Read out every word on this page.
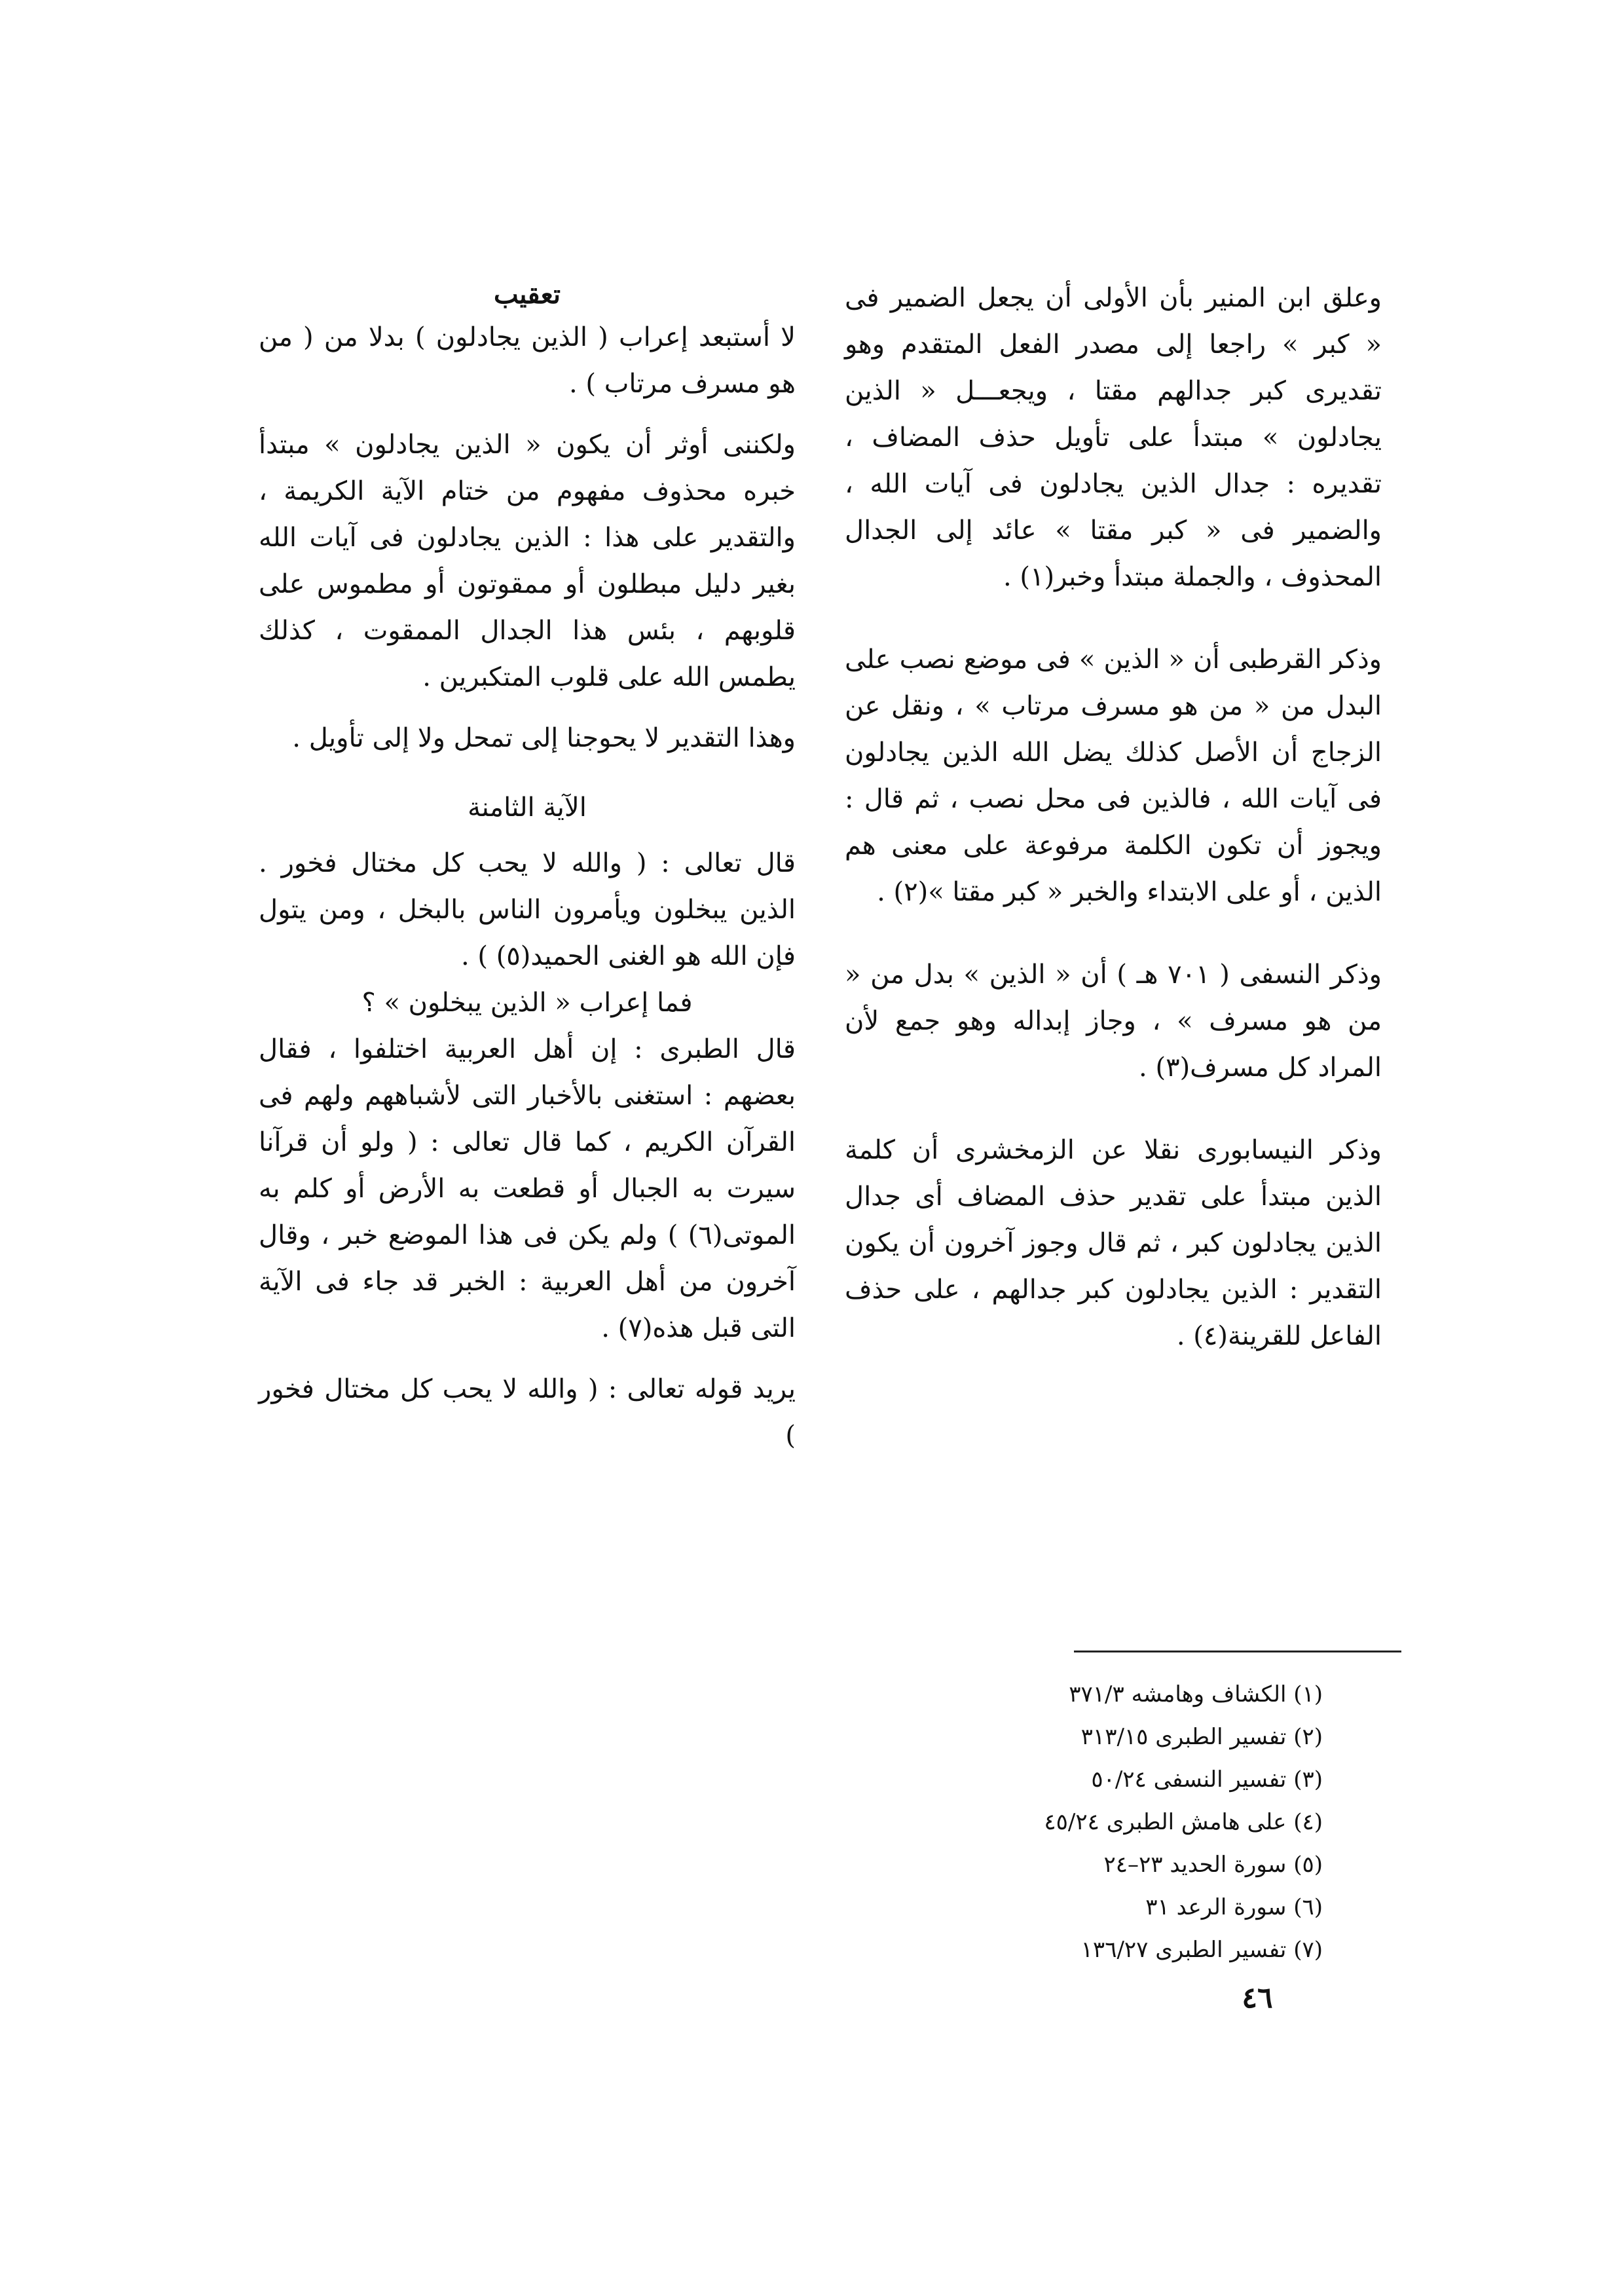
وعلق ابن المنير بأن الأولى أن يجعل الضمير فى « كبر » راجعا إلى مصدر الفعل المتقدم وهو تقديرى كبر جدالهم مقتا ، ويجعـــل « الذين يجادلون » مبتدأ على تأويل حذف المضاف ، تقديره : جدال الذين يجادلون فى آيات الله ، والضمير فى « كبر مقتا » عائد إلى الجدال المحذوف ، والجملة مبتدأ وخبر(١) .

وذكر القرطبى أن « الذين » فى موضع نصب على البدل من « من هو مسرف مرتاب » ، ونقل عن الزجاج أن الأصل كذلك يضل الله الذين يجادلون فى آيات الله ، فالذين فى محل نصب ، ثم قال : ويجوز أن تكون الكلمة مرفوعة على معنى هم الذين ، أو على الابتداء والخبر « كبر مقتا »(٢) .

وذكر النسفى ( ٧٠١ هـ ) أن « الذين » بدل من « من هو مسرف » ، وجاز إبداله وهو جمع لأن المراد كل مسرف(٣) .

وذكر النيسابورى نقلا عن الزمخشرى أن كلمة الذين مبتدأ على تقدير حذف المضاف أى جدال الذين يجادلون كبر ، ثم قال وجوز آخرون أن يكون التقدير : الذين يجادلون كبر جدالهم ، على حذف الفاعل للقرينة(٤) .

تعقيب

لا أستبعد إعراب ( الذين يجادلون ) بدلا من ( من هو مسرف مرتاب ) .

ولكننى أوثر أن يكون « الذين يجادلون » مبتدأ خبره محذوف مفهوم من ختام الآية الكريمة ، والتقدير على هذا : الذين يجادلون فى آيات الله بغير دليل مبطلون أو ممقوتون أو مطموس على قلوبهم ، بئس هذا الجدال الممقوت ، كذلك يطمس الله على قلوب المتكبرين .

وهذا التقدير لا يحوجنا إلى تمحل ولا إلى تأويل .

الآية الثامنة

قال تعالى : ( والله لا يحب كل مختال فخور . الذين يبخلون ويأمرون الناس بالبخل ، ومن يتول فإن الله هو الغنى الحميد(٥) ) .

فما إعراب « الذين يبخلون » ؟

قال الطبرى : إن أهل العربية اختلفوا ، فقال بعضهم : استغنى بالأخبار التى لأشباههم ولهم فى القرآن الكريم ، كما قال تعالى : ( ولو أن قرآنا سيرت به الجبال أو قطعت به الأرض أو كلم به الموتى(٦) ) ولم يكن فى هذا الموضع خبر ، وقال آخرون من أهل العربية : الخبر قد جاء فى الآية التى قبل هذه(٧) .

يريد قوله تعالى : ( والله لا يحب كل مختال فخور )

(١) الكشاف وهامشه ٣٧١/٣
(٢) تفسير الطبرى ٣١٣/١٥
(٣) تفسير النسفى ٥٠/٢٤
(٤) على هامش الطبرى ٤٥/٢٤
(٥) سورة الحديد ٢٣–٢٤
(٦) سورة الرعد ٣١
(٧) تفسير الطبرى ١٣٦/٢٧
٤٦
